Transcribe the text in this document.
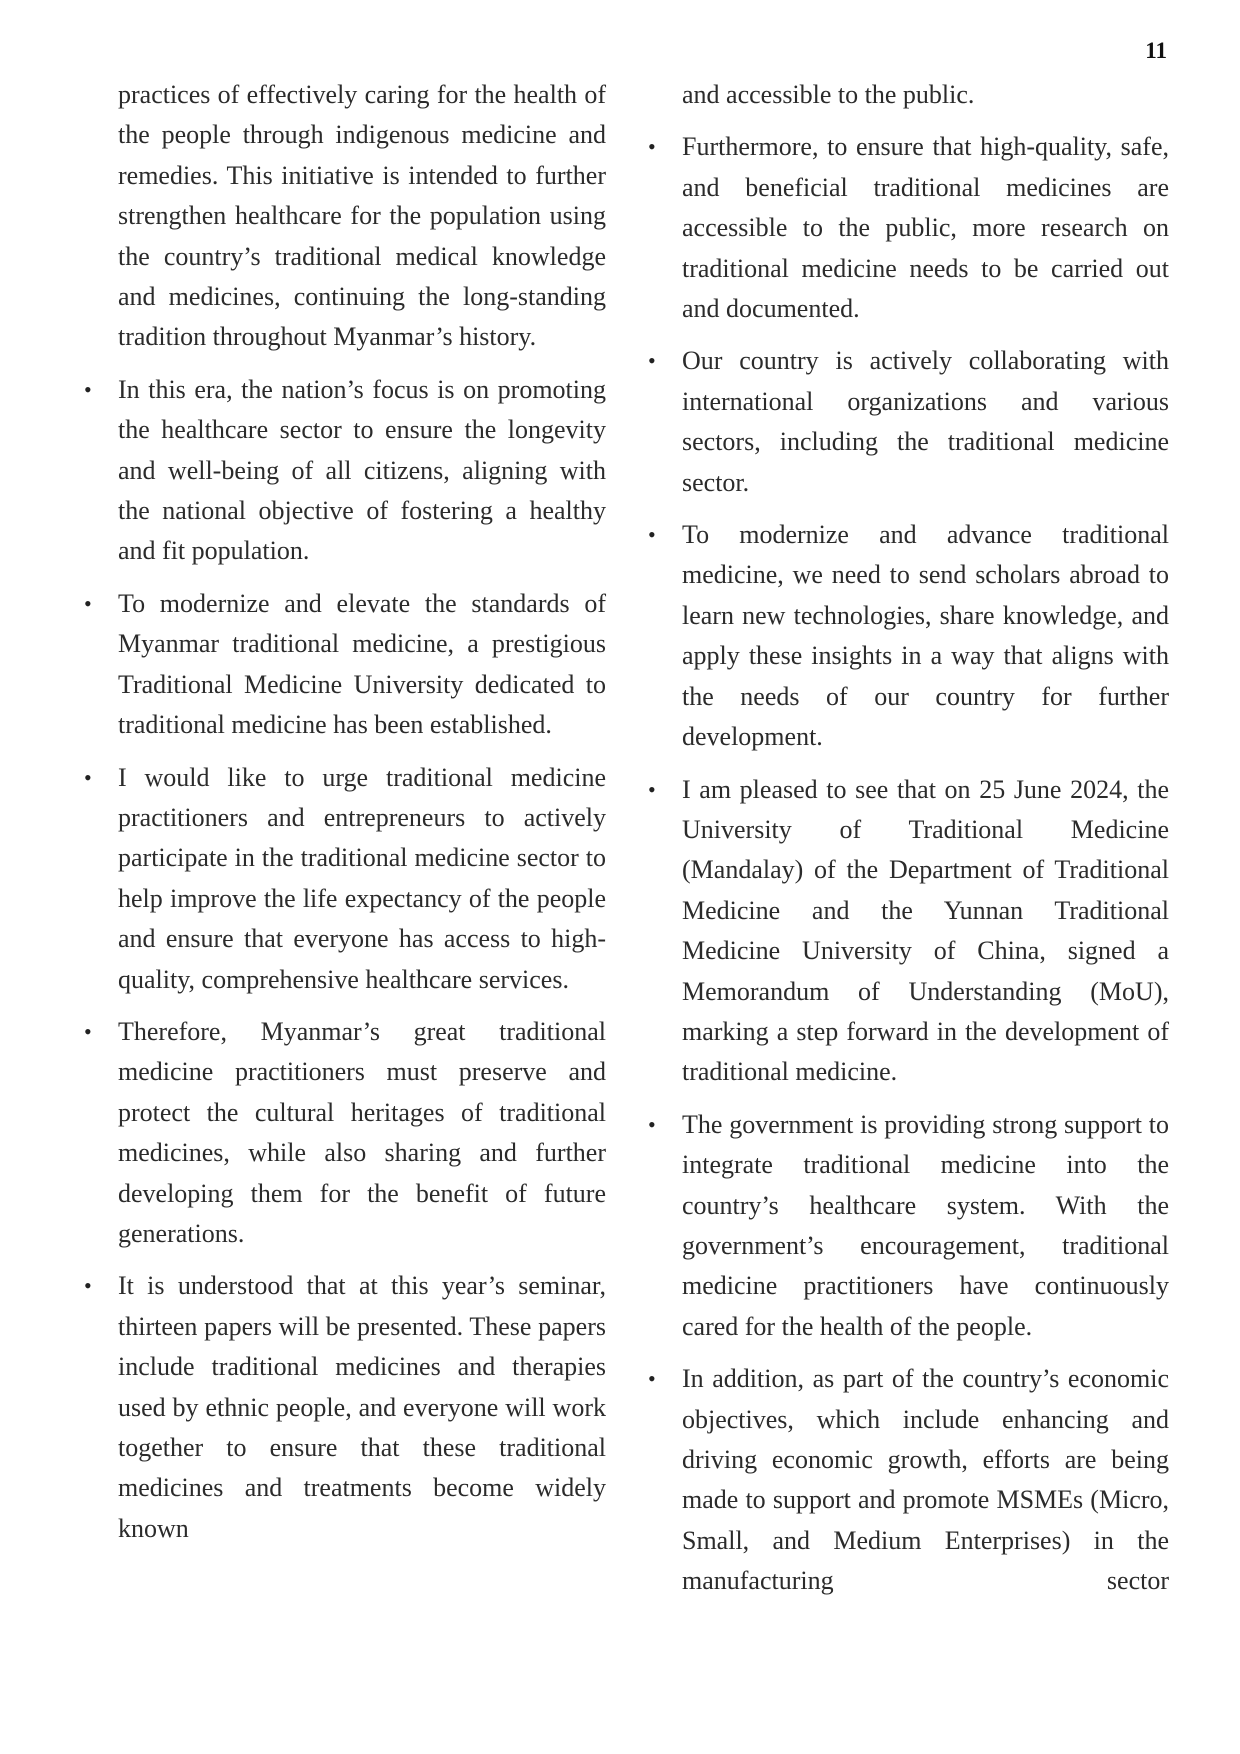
11

practices of effectively caring for the health of the people through indigenous medicine and remedies. This initiative is intended to further strengthen healthcare for the population using the country’s traditional medical knowledge and medicines, continuing the long-standing tradition throughout Myanmar’s history.

• In this era, the nation’s focus is on promoting the healthcare sector to ensure the longevity and well-being of all citizens, aligning with the national objective of fostering a healthy and fit population.
• To modernize and elevate the standards of Myanmar traditional medicine, a prestigious Traditional Medicine University dedicated to traditional medicine has been established.
• I would like to urge traditional medicine practitioners and entrepreneurs to actively participate in the traditional medicine sector to help improve the life expectancy of the people and ensure that everyone has access to high-quality, comprehensive healthcare services.
• Therefore, Myanmar’s great traditional medicine practitioners must preserve and protect the cultural heritages of traditional medicines, while also sharing and further developing them for the benefit of future generations.
• It is understood that at this year’s seminar, thirteen papers will be presented. These papers include traditional medicines and therapies used by ethnic people, and everyone will work together to ensure that these traditional medicines and treatments become widely known

and accessible to the public.

• Furthermore, to ensure that high-quality, safe, and beneficial traditional medicines are accessible to the public, more research on traditional medicine needs to be carried out and documented.
• Our country is actively collaborating with international organizations and various sectors, including the traditional medicine sector.
• To modernize and advance traditional medicine, we need to send scholars abroad to learn new technologies, share knowledge, and apply these insights in a way that aligns with the needs of our country for further development.
• I am pleased to see that on 25 June 2024, the University of Traditional Medicine (Mandalay) of the Department of Traditional Medicine and the Yunnan Traditional Medicine University of China, signed a Memorandum of Understanding (MoU), marking a step forward in the development of traditional medicine.
• The government is providing strong support to integrate traditional medicine into the country’s healthcare system. With the government’s encouragement, traditional medicine practitioners have continuously cared for the health of the people.
• In addition, as part of the country’s economic objectives, which include enhancing and driving economic growth, efforts are being made to support and promote MSMEs (Micro, Small, and Medium Enterprises) in the manufacturing sector
